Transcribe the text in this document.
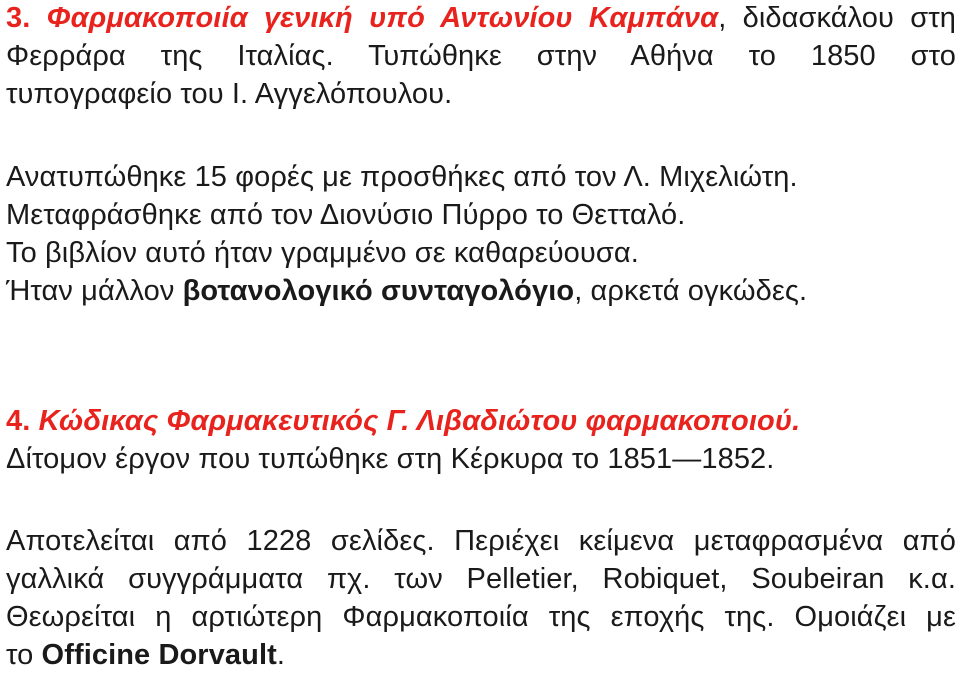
3. Φαρμακοποιία γενική υπό Αντωνίου Καμπάνα, διδασκάλου στη
Φερράρα της Ιταλίας. Τυπώθηκε στην Αθήνα το 1850 στο
τυπογραφείο του Ι. Αγγελόπουλου.
Ανατυπώθηκε 15 φορές με προσθήκες από τον Λ. Μιχελιώτη.
Μεταφράσθηκε από τον Διονύσιο Πύρρο το Θετταλό.
Το βιβλίον αυτό ήταν γραμμένο σε καθαρεύουσα.
Ήταν μάλλον βοτανολογικό συνταγολόγιο, αρκετά ογκώδες.
4. Κώδικας Φαρμακευτικός Γ. Λιβαδιώτου φαρμακοποιού.
Δίτομον έργον που τυπώθηκε στη Κέρκυρα το 1851—1852.
Αποτελείται από 1228 σελίδες. Περιέχει κείμενα μεταφρασμένα από
γαλλικά συγγράμματα πχ. των Pelletier, Robiquet, Soubeiran κ.α.
Θεωρείται η αρτιώτερη Φαρμακοποιία της εποχής της. Ομοιάζει με
το Officine Dorvault.
